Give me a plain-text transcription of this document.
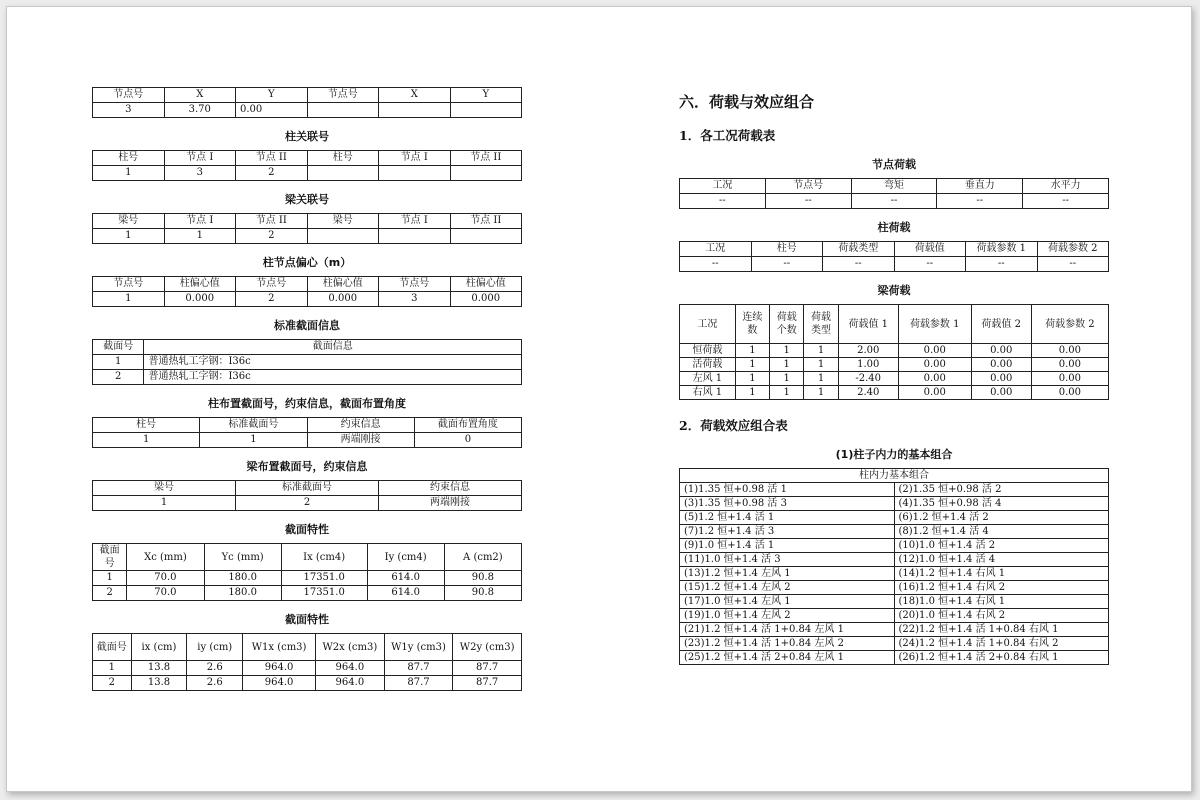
节点号	X	Y	节点号	X	Y
3	3.70	0.00			
柱关联号
柱号	节点 I	节点 II	柱号	节点 I	节点 II
1	3	2			
梁关联号
梁号	节点 I	节点 II	梁号	节点 I	节点 II
1	1	2			
柱节点偏心（m）
节点号	柱偏心值	节点号	柱偏心值	节点号	柱偏心值
1	0.000	2	0.000	3	0.000
标准截面信息
截面号	截面信息
1	普通热轧工字钢：I36c
2	普通热轧工字钢：I36c
柱布置截面号，约束信息，截面布置角度
柱号	标准截面号	约束信息	截面布置角度
1	1	两端刚接	0
梁布置截面号，约束信息
梁号	标准截面号	约束信息
1	2	两端刚接
截面特性
截面号	Xc (mm)	Yc (mm)	Ix (cm4)	Iy (cm4)	A (cm2)
1	70.0	180.0	17351.0	614.0	90.8
2	70.0	180.0	17351.0	614.0	90.8
截面特性
截面号	ix (cm)	iy (cm)	W1x (cm3)	W2x (cm3)	W1y (cm3)	W2y (cm3)
1	13.8	2.6	964.0	964.0	87.7	87.7
2	13.8	2.6	964.0	964.0	87.7	87.7
六．荷载与效应组合
1．各工况荷载表
节点荷载
工况	节点号	弯矩	垂直力	水平力
--	--	--	--	--
柱荷载
工况	柱号	荷载类型	荷载值	荷载参数 1	荷载参数 2
--	--	--	--	--	--
梁荷载
工况	连续数	荷载个数	荷载类型	荷载值 1	荷载参数 1	荷载值 2	荷载参数 2
恒荷载	1	1	1	2.00	0.00	0.00	0.00
活荷载	1	1	1	1.00	0.00	0.00	0.00
左风 1	1	1	1	-2.40	0.00	0.00	0.00
右风 1	1	1	1	2.40	0.00	0.00	0.00
2．荷载效应组合表
(1)柱子内力的基本组合
柱内力基本组合	
(1)1.35 恒+0.98 活 1	(2)1.35 恒+0.98 活 2
(3)1.35 恒+0.98 活 3	(4)1.35 恒+0.98 活 4
(5)1.2 恒+1.4 活 1	(6)1.2 恒+1.4 活 2
(7)1.2 恒+1.4 活 3	(8)1.2 恒+1.4 活 4
(9)1.0 恒+1.4 活 1	(10)1.0 恒+1.4 活 2
(11)1.0 恒+1.4 活 3	(12)1.0 恒+1.4 活 4
(13)1.2 恒+1.4 左风 1	(14)1.2 恒+1.4 右风 1
(15)1.2 恒+1.4 左风 2	(16)1.2 恒+1.4 右风 2
(17)1.0 恒+1.4 左风 1	(18)1.0 恒+1.4 右风 1
(19)1.0 恒+1.4 左风 2	(20)1.0 恒+1.4 右风 2
(21)1.2 恒+1.4 活 1+0.84 左风 1	(22)1.2 恒+1.4 活 1+0.84 右风 1
(23)1.2 恒+1.4 活 1+0.84 左风 2	(24)1.2 恒+1.4 活 1+0.84 右风 2
(25)1.2 恒+1.4 活 2+0.84 左风 1	(26)1.2 恒+1.4 活 2+0.84 右风 1
